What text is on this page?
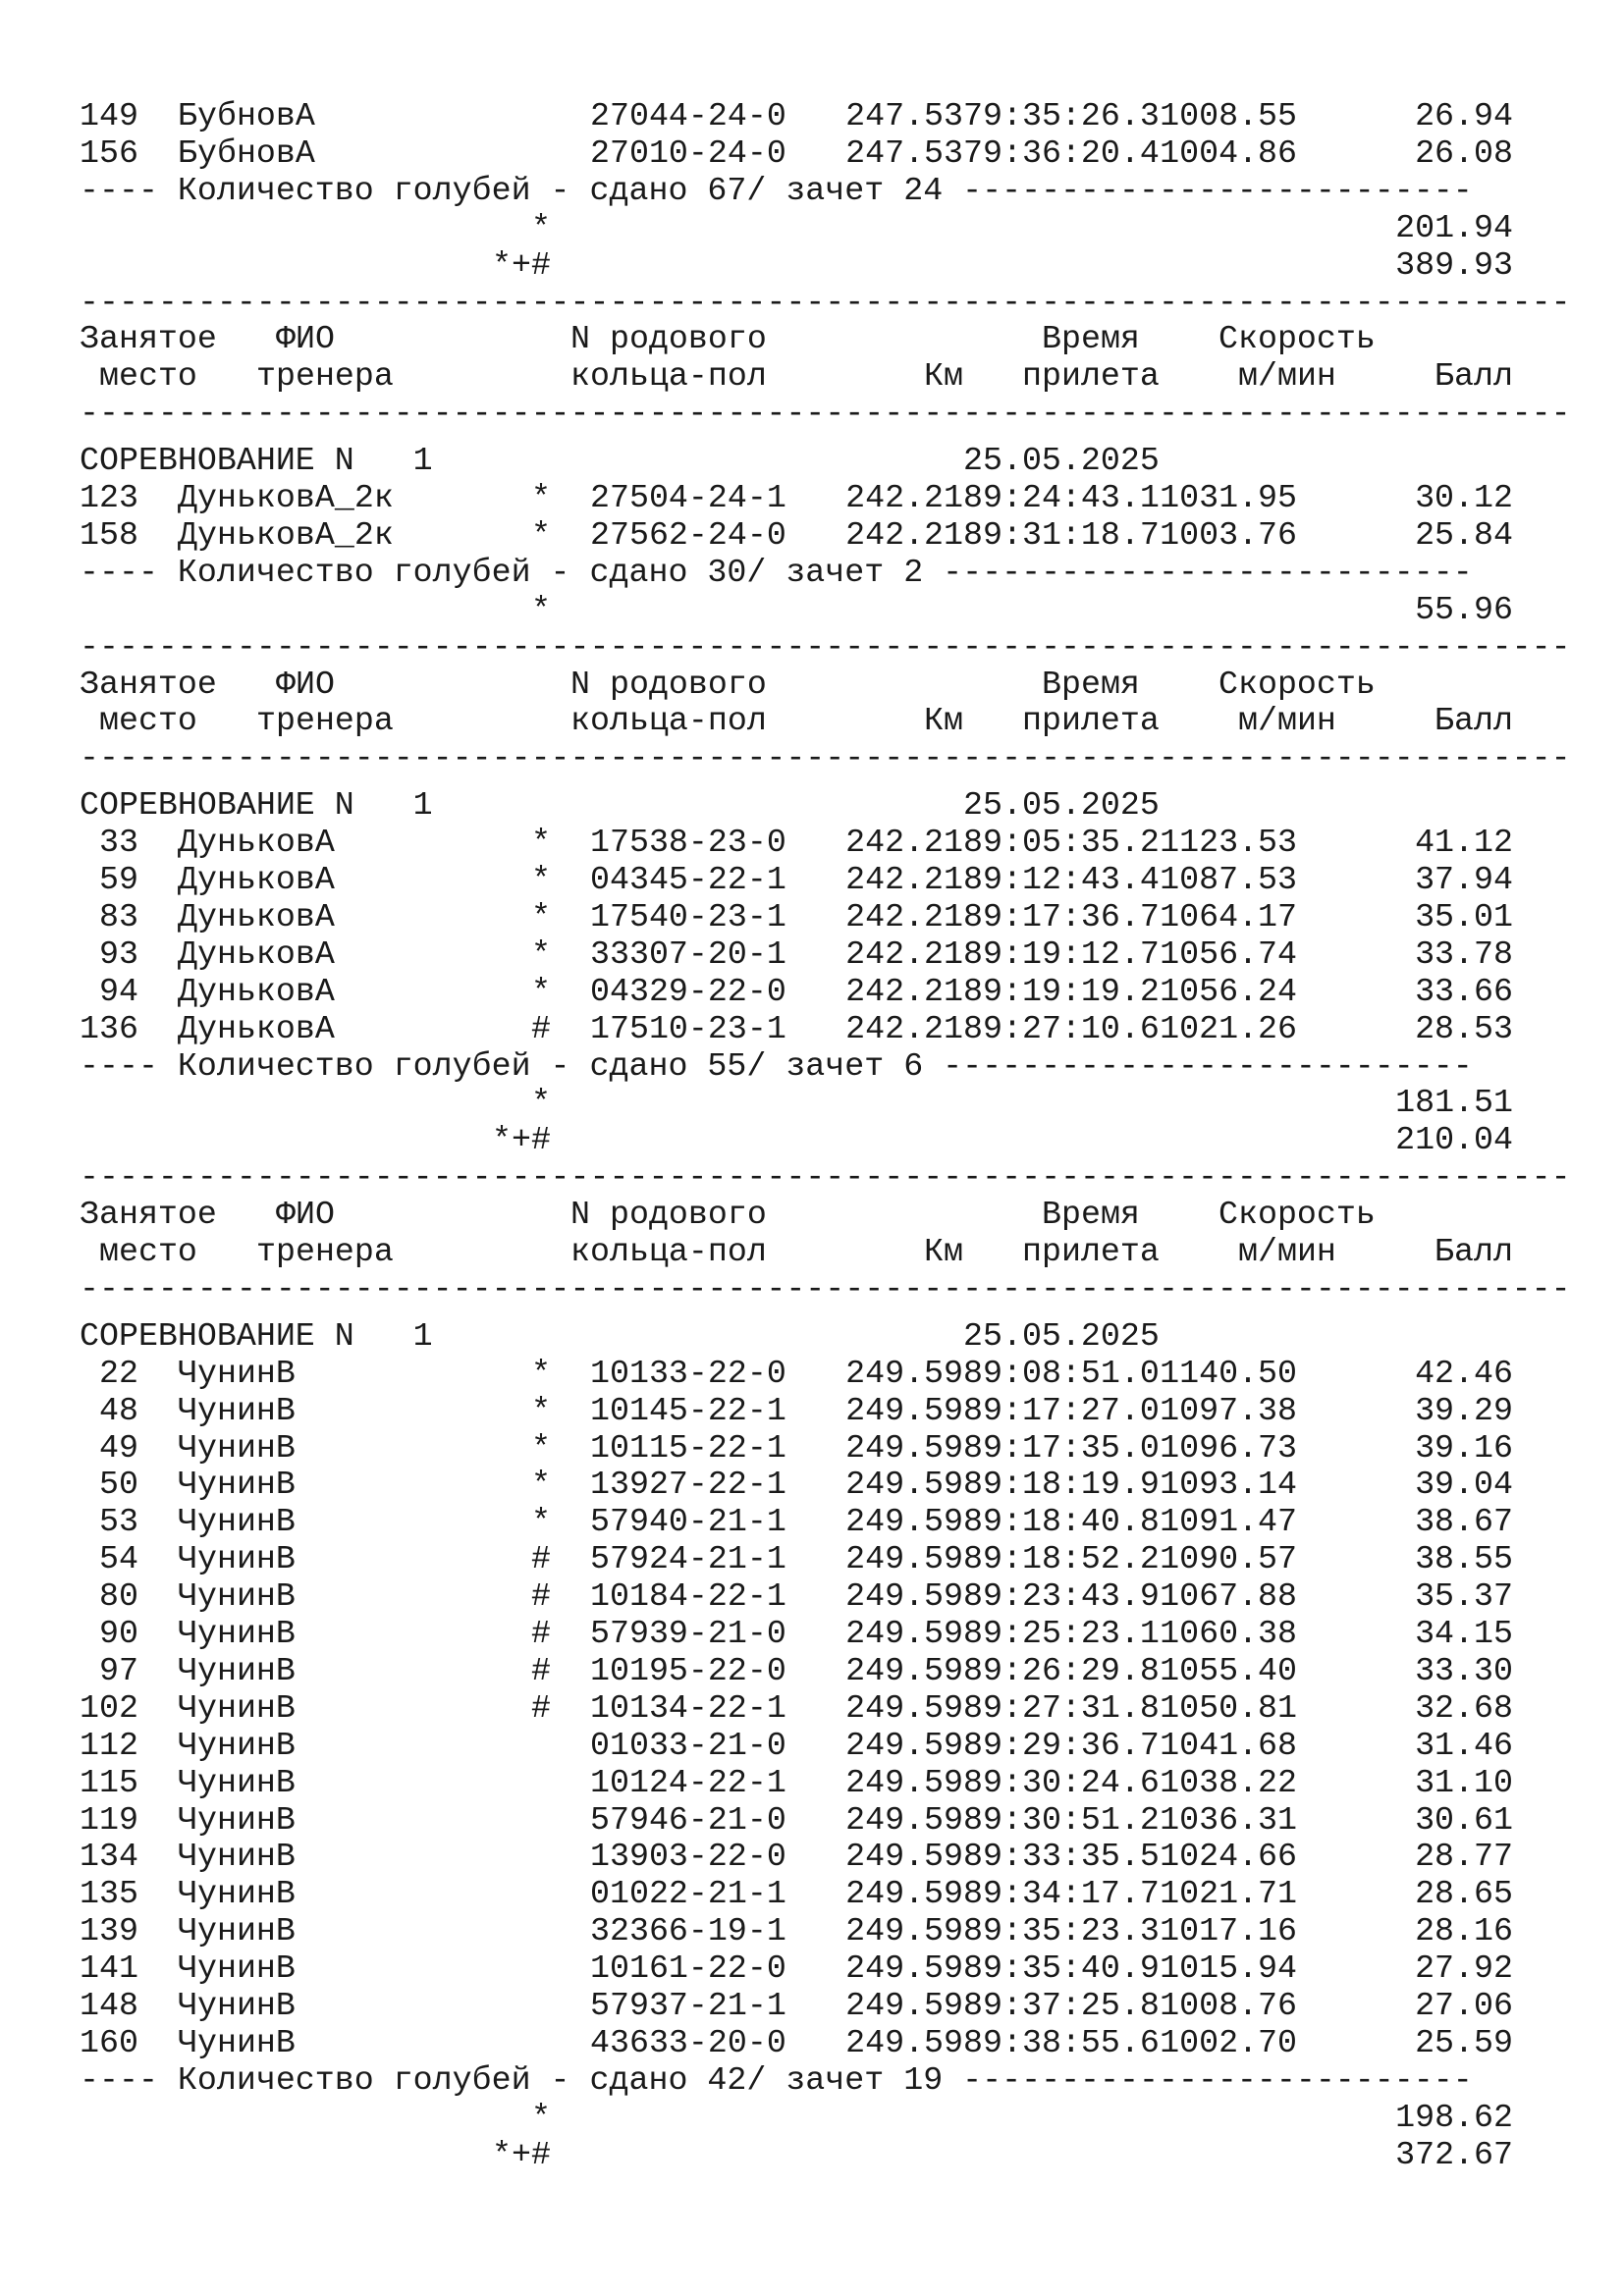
149 БубновА	27044-24-0 247.537 9:35:26.3 1008.55	26.94
156 БубновА	27010-24-0 247.537 9:36:20.4 1004.86	26.08
---- Количество голубей - сдано 67/ зачет 24 --------------------------
*	201.94
*+#	389.93
----------------------------------------------------------------------------
Занятое ФИО	N родового	Время Скорость
место тренера	кольца-пол	Км прилета м/мин	Балл
----------------------------------------------------------------------------
СОРЕВНОВАНИЕ N   1	25.05.2025
123 ДуньковА_2к	* 27504-24-1 242.218 9:24:43.1 1031.95	30.12
158 ДуньковА_2к	* 27562-24-0 242.218 9:31:18.7 1003.76	25.84
---- Количество голубей - сдано 30/ зачет 2 ---------------------------
*	55.96
----------------------------------------------------------------------------
Занятое ФИО	N родового	Время Скорость
место тренера	кольца-пол	Км прилета м/мин	Балл
----------------------------------------------------------------------------
СОРЕВНОВАНИЕ N   1	25.05.2025
33 ДуньковА	* 17538-23-0 242.218 9:05:35.2 1123.53	41.12
59 ДуньковА	* 04345-22-1 242.218 9:12:43.4 1087.53	37.94
83 ДуньковА	* 17540-23-1 242.218 9:17:36.7 1064.17	35.01
93 ДуньковА	* 33307-20-1 242.218 9:19:12.7 1056.74	33.78
94 ДуньковА	* 04329-22-0 242.218 9:19:19.2 1056.24	33.66
136 ДуньковА	# 17510-23-1 242.218 9:27:10.6 1021.26	28.53
---- Количество голубей - сдано 55/ зачет 6 ---------------------------
*	181.51
*+#	210.04
----------------------------------------------------------------------------
Занятое ФИО	N родового	Время Скорость
место тренера	кольца-пол	Км прилета м/мин	Балл
----------------------------------------------------------------------------
СОРЕВНОВАНИЕ N   1	25.05.2025
22 ЧунинВ	* 10133-22-0 249.598 9:08:51.0 1140.50	42.46
48 ЧунинВ	* 10145-22-1 249.598 9:17:27.0 1097.38	39.29
49 ЧунинВ	* 10115-22-1 249.598 9:17:35.0 1096.73	39.16
50 ЧунинВ	* 13927-22-1 249.598 9:18:19.9 1093.14	39.04
53 ЧунинВ	* 57940-21-1 249.598 9:18:40.8 1091.47	38.67
54 ЧунинВ	# 57924-21-1 249.598 9:18:52.2 1090.57	38.55
80 ЧунинВ	# 10184-22-1 249.598 9:23:43.9 1067.88	35.37
90 ЧунинВ	# 57939-21-0 249.598 9:25:23.1 1060.38	34.15
97 ЧунинВ	# 10195-22-0 249.598 9:26:29.8 1055.40	33.30
102 ЧунинВ	# 10134-22-1 249.598 9:27:31.8 1050.81	32.68
112 ЧунинВ	01033-21-0 249.598 9:29:36.7 1041.68	31.46
115 ЧунинВ	10124-22-1 249.598 9:30:24.6 1038.22	31.10
119 ЧунинВ	57946-21-0 249.598 9:30:51.2 1036.31	30.61
134 ЧунинВ	13903-22-0 249.598 9:33:35.5 1024.66	28.77
135 ЧунинВ	01022-21-1 249.598 9:34:17.7 1021.71	28.65
139 ЧунинВ	32366-19-1 249.598 9:35:23.3 1017.16	28.16
141 ЧунинВ	10161-22-0 249.598 9:35:40.9 1015.94	27.92
148 ЧунинВ	57937-21-1 249.598 9:37:25.8 1008.76	27.06
160 ЧунинВ	43633-20-0 249.598 9:38:55.6 1002.70	25.59
---- Количество голубей - сдано 42/ зачет 19 --------------------------
*	198.62
*+#	372.67
